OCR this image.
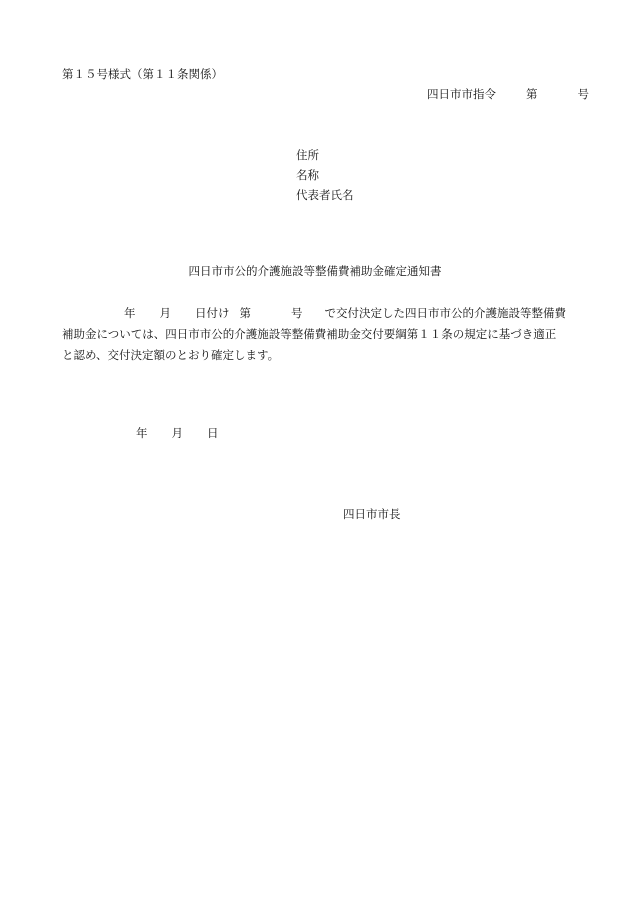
第１５号様式（第１１条関係）
四日市市指令	第	号
住所
名称
代表者氏名
四日市市公的介護施設等整備費補助金確定通知書
年 月 日付け 第	号 で交付決定した四日市市公的介護施設等整備費
補助金については、四日市市公的介護施設等整備費補助金交付要綱第１１条の規定に基づき適正
と認め、交付決定額のとおり確定します。
年 月 日
四日市市長
